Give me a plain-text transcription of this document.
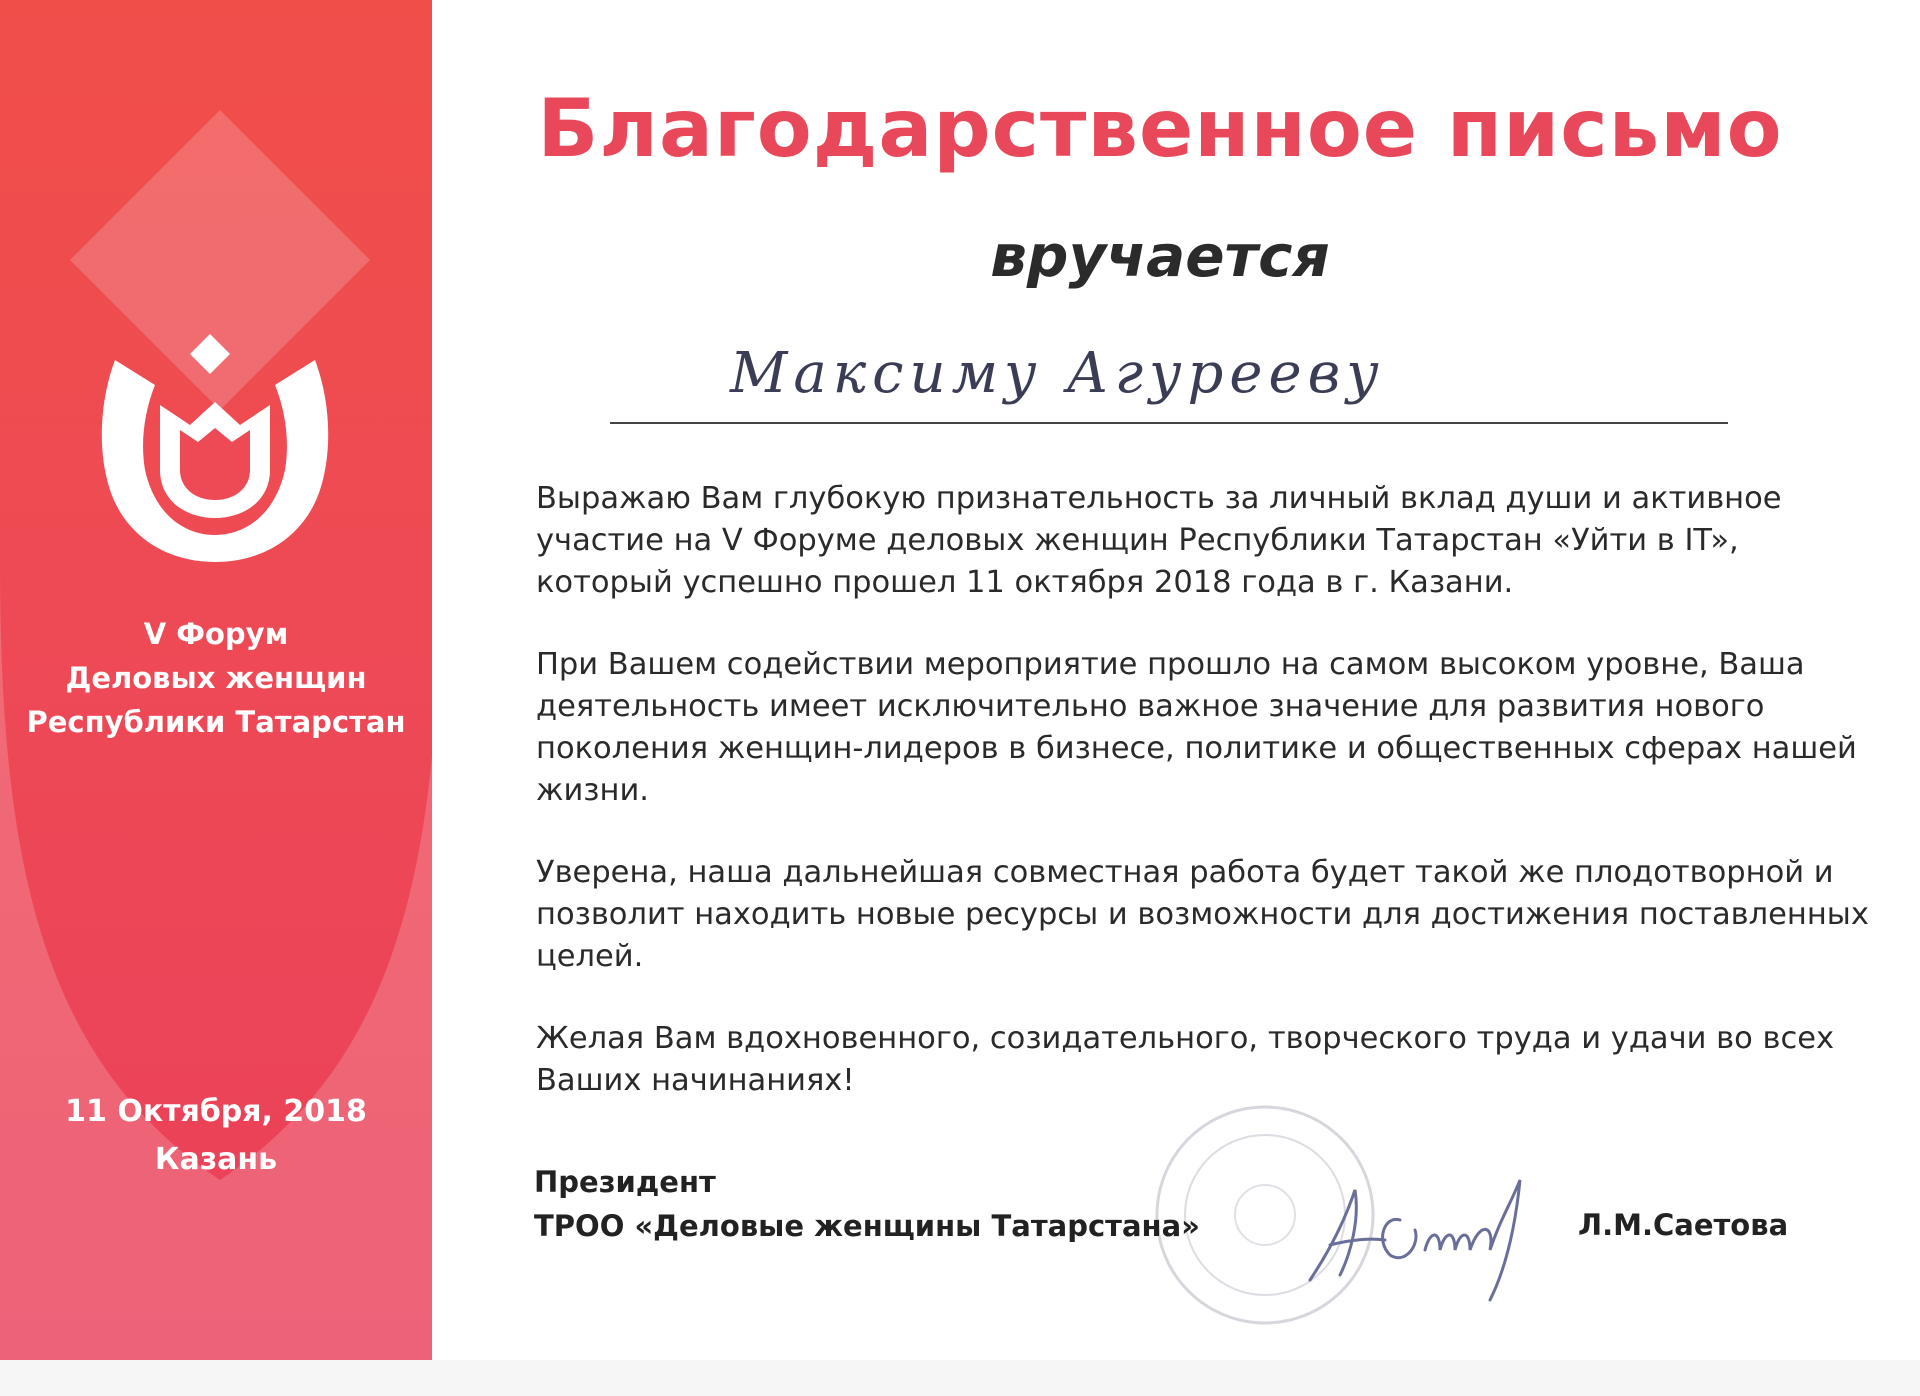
V Форум
Деловых женщин
Республики Татарстан
11 Октября, 2018
Казань
Благодарственное письмо
вручается
Максиму Агурееву

Выражаю Вам глубокую признательность за личный вклад души и активное участие на V Форуме деловых женщин Республики Татарстан «Уйти в IT», который успешно прошел 11 октября 2018 года в г. Казани.

При Вашем содействии мероприятие прошло на самом высоком уровне, Ваша деятельность имеет исключительно важное значение для развития нового поколения женщин-лидеров в бизнесе, политике и общественных сферах нашей жизни.

Уверена, наша дальнейшая совместная работа будет такой же плодотворной и позволит находить новые ресурсы и возможности для достижения поставленных целей.

Желая Вам вдохновенного, созидательного, творческого труда и удачи во всех Ваших начинаниях!

Президент
ТРОО «Деловые женщины Татарстана»	Л.М.Саетова
